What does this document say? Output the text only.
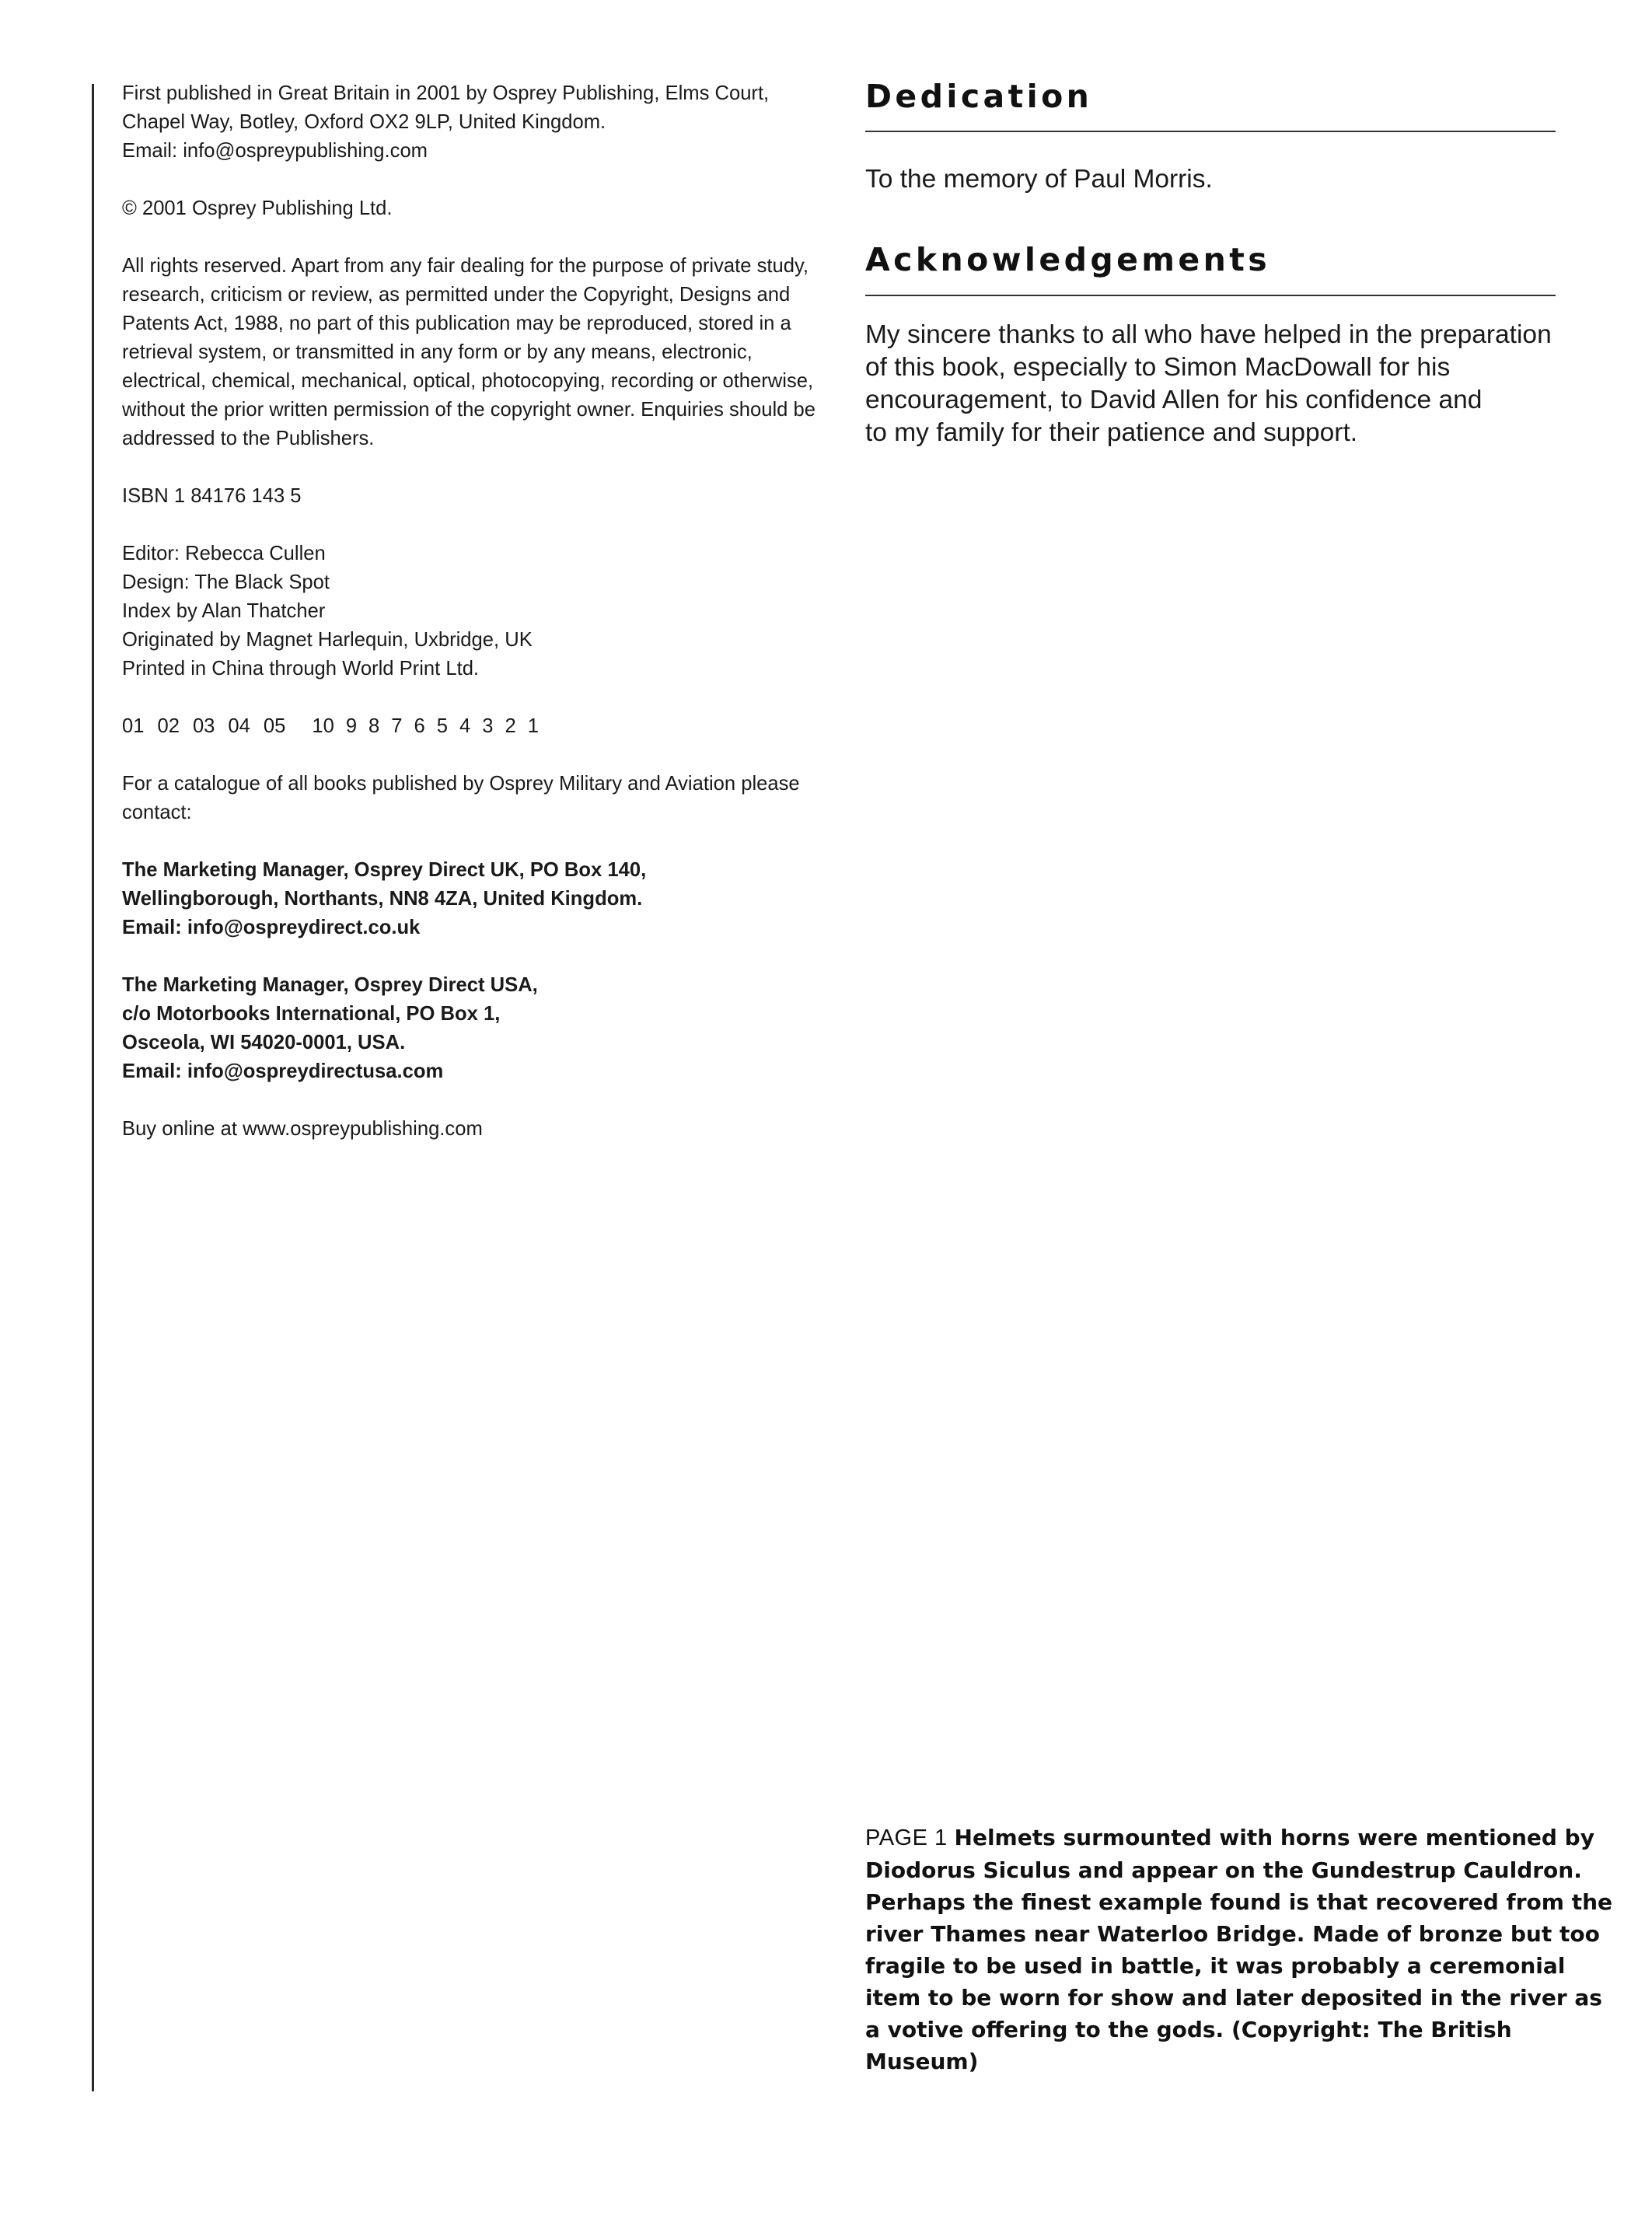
First published in Great Britain in 2001 by Osprey Publishing, Elms Court,
Chapel Way, Botley, Oxford OX2 9LP, United Kingdom.
Email: info@ospreypublishing.com

© 2001 Osprey Publishing Ltd.

All rights reserved. Apart from any fair dealing for the purpose of private study,
research, criticism or review, as permitted under the Copyright, Designs and
Patents Act, 1988, no part of this publication may be reproduced, stored in a
retrieval system, or transmitted in any form or by any means, electronic,
electrical, chemical, mechanical, optical, photocopying, recording or otherwise,
without the prior written permission of the copyright owner. Enquiries should be
addressed to the Publishers.

ISBN 1 84176 143 5

Editor: Rebecca Cullen
Design: The Black Spot
Index by Alan Thatcher
Originated by Magnet Harlequin, Uxbridge, UK
Printed in China through World Print Ltd.

01 02 03 04 05 10 9 8 7 6 5 4 3 2 1

For a catalogue of all books published by Osprey Military and Aviation please
contact:

The Marketing Manager, Osprey Direct UK, PO Box 140,
Wellingborough, Northants, NN8 4ZA, United Kingdom.
Email: info@ospreydirect.co.uk

The Marketing Manager, Osprey Direct USA,
c/o Motorbooks International, PO Box 1,
Osceola, WI 54020-0001, USA.
Email: info@ospreydirectusa.com

Buy online at www.ospreypublishing.com

Dedication

To the memory of Paul Morris.

Acknowledgements

My sincere thanks to all who have helped in the preparation
of this book, especially to Simon MacDowall for his
encouragement, to David Allen for his confidence and
to my family for their patience and support.

PAGE 1 Helmets surmounted with horns were mentioned by
Diodorus Siculus and appear on the Gundestrup Cauldron.
Perhaps the finest example found is that recovered from the
river Thames near Waterloo Bridge. Made of bronze but too
fragile to be used in battle, it was probably a ceremonial
item to be worn for show and later deposited in the river as
a votive offering to the gods. (Copyright: The British
Museum)
